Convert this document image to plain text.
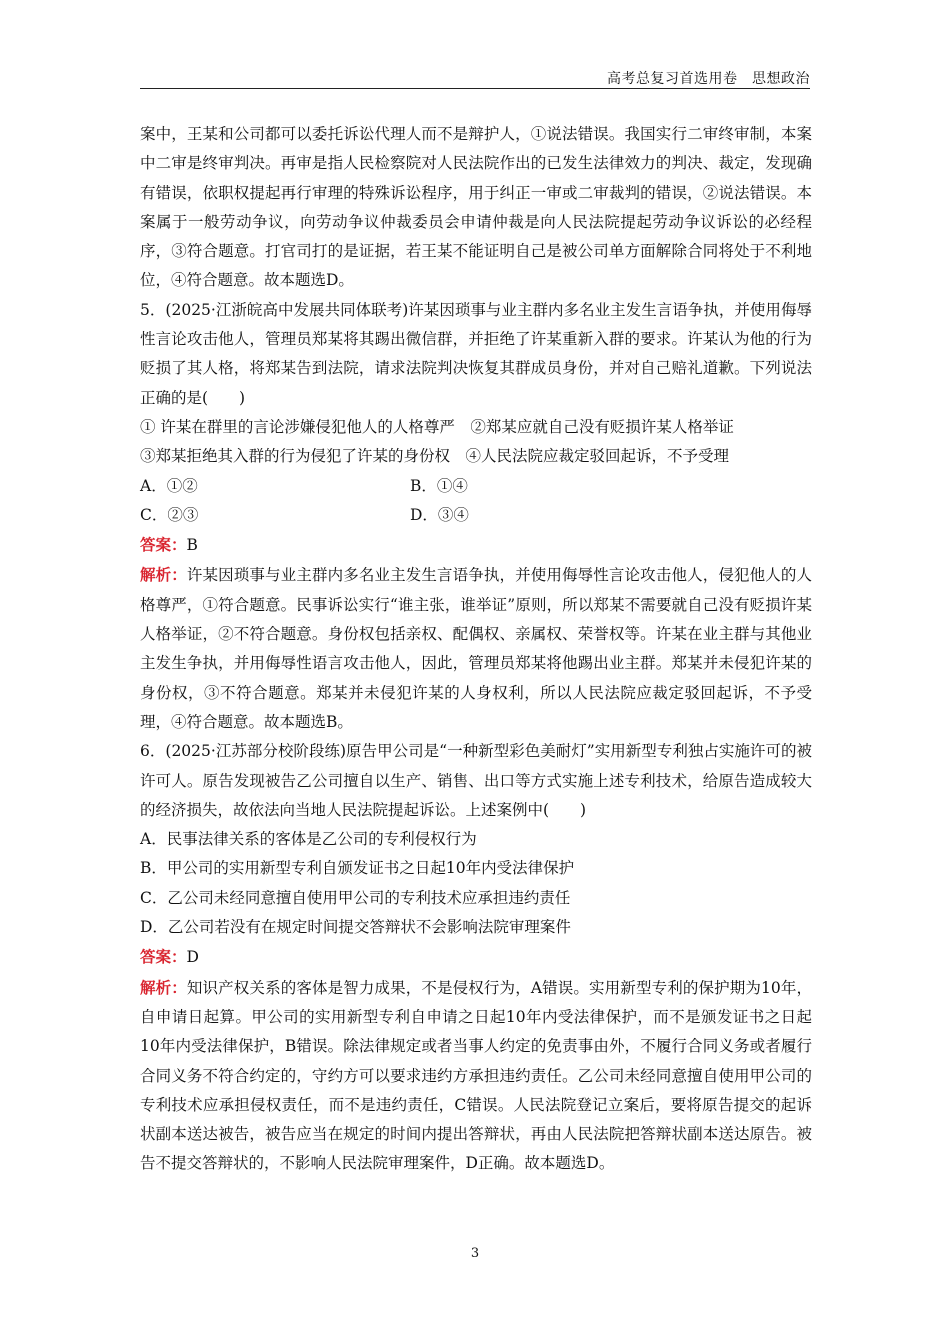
高考总复习首选用卷　思想政治

案中，王某和公司都可以委托诉讼代理人而不是辩护人，①说法错误。我国实行二审终审制，本案中二审是终审判决。再审是指人民检察院对人民法院作出的已发生法律效力的判决、裁定，发现确有错误，依职权提起再行审理的特殊诉讼程序，用于纠正一审或二审裁判的错误，②说法错误。本案属于一般劳动争议，向劳动争议仲裁委员会申请仲裁是向人民法院提起劳动争议诉讼的必经程序，③符合题意。打官司打的是证据，若王某不能证明自己是被公司单方面解除合同将处于不利地位，④符合题意。故本题选D。

5．(2025·江浙皖高中发展共同体联考)许某因琐事与业主群内多名业主发生言语争执，并使用侮辱性言论攻击他人，管理员郑某将其踢出微信群，并拒绝了许某重新入群的要求。许某认为他的行为贬损了其人格，将郑某告到法院，请求法院判决恢复其群成员身份，并对自己赔礼道歉。下列说法正确的是(　　)

① 许某在群里的言论涉嫌侵犯他人的人格尊严　②郑某应就自己没有贬损许某人格举证

③郑某拒绝其入群的行为侵犯了许某的身份权　④人民法院应裁定驳回起诉，不予受理

A．①②	B．①④
C．②③	D．③④

答案：B

解析：许某因琐事与业主群内多名业主发生言语争执，并使用侮辱性言论攻击他人，侵犯他人的人格尊严，①符合题意。民事诉讼实行“谁主张，谁举证”原则，所以郑某不需要就自己没有贬损许某人格举证，②不符合题意。身份权包括亲权、配偶权、亲属权、荣誉权等。许某在业主群与其他业主发生争执，并用侮辱性语言攻击他人，因此，管理员郑某将他踢出业主群。郑某并未侵犯许某的身份权，③不符合题意。郑某并未侵犯许某的人身权利，所以人民法院应裁定驳回起诉，不予受理，④符合题意。故本题选B。

6．(2025·江苏部分校阶段练)原告甲公司是“一种新型彩色美耐灯”实用新型专利独占实施许可的被许可人。原告发现被告乙公司擅自以生产、销售、出口等方式实施上述专利技术，给原告造成较大的经济损失，故依法向当地人民法院提起诉讼。上述案例中(　　)

A．民事法律关系的客体是乙公司的专利侵权行为

B．甲公司的实用新型专利自颁发证书之日起10年内受法律保护

C．乙公司未经同意擅自使用甲公司的专利技术应承担违约责任

D．乙公司若没有在规定时间提交答辩状不会影响法院审理案件

答案：D

解析：知识产权关系的客体是智力成果，不是侵权行为，A错误。实用新型专利的保护期为10年，自申请日起算。甲公司的实用新型专利自申请之日起10年内受法律保护，而不是颁发证书之日起10年内受法律保护，B错误。除法律规定或者当事人约定的免责事由外，不履行合同义务或者履行合同义务不符合约定的，守约方可以要求违约方承担违约责任。乙公司未经同意擅自使用甲公司的专利技术应承担侵权责任，而不是违约责任，C错误。人民法院登记立案后，要将原告提交的起诉状副本送达被告，被告应当在规定的时间内提出答辩状，再由人民法院把答辩状副本送达原告。被告不提交答辩状的，不影响人民法院审理案件，D正确。故本题选D。

3
